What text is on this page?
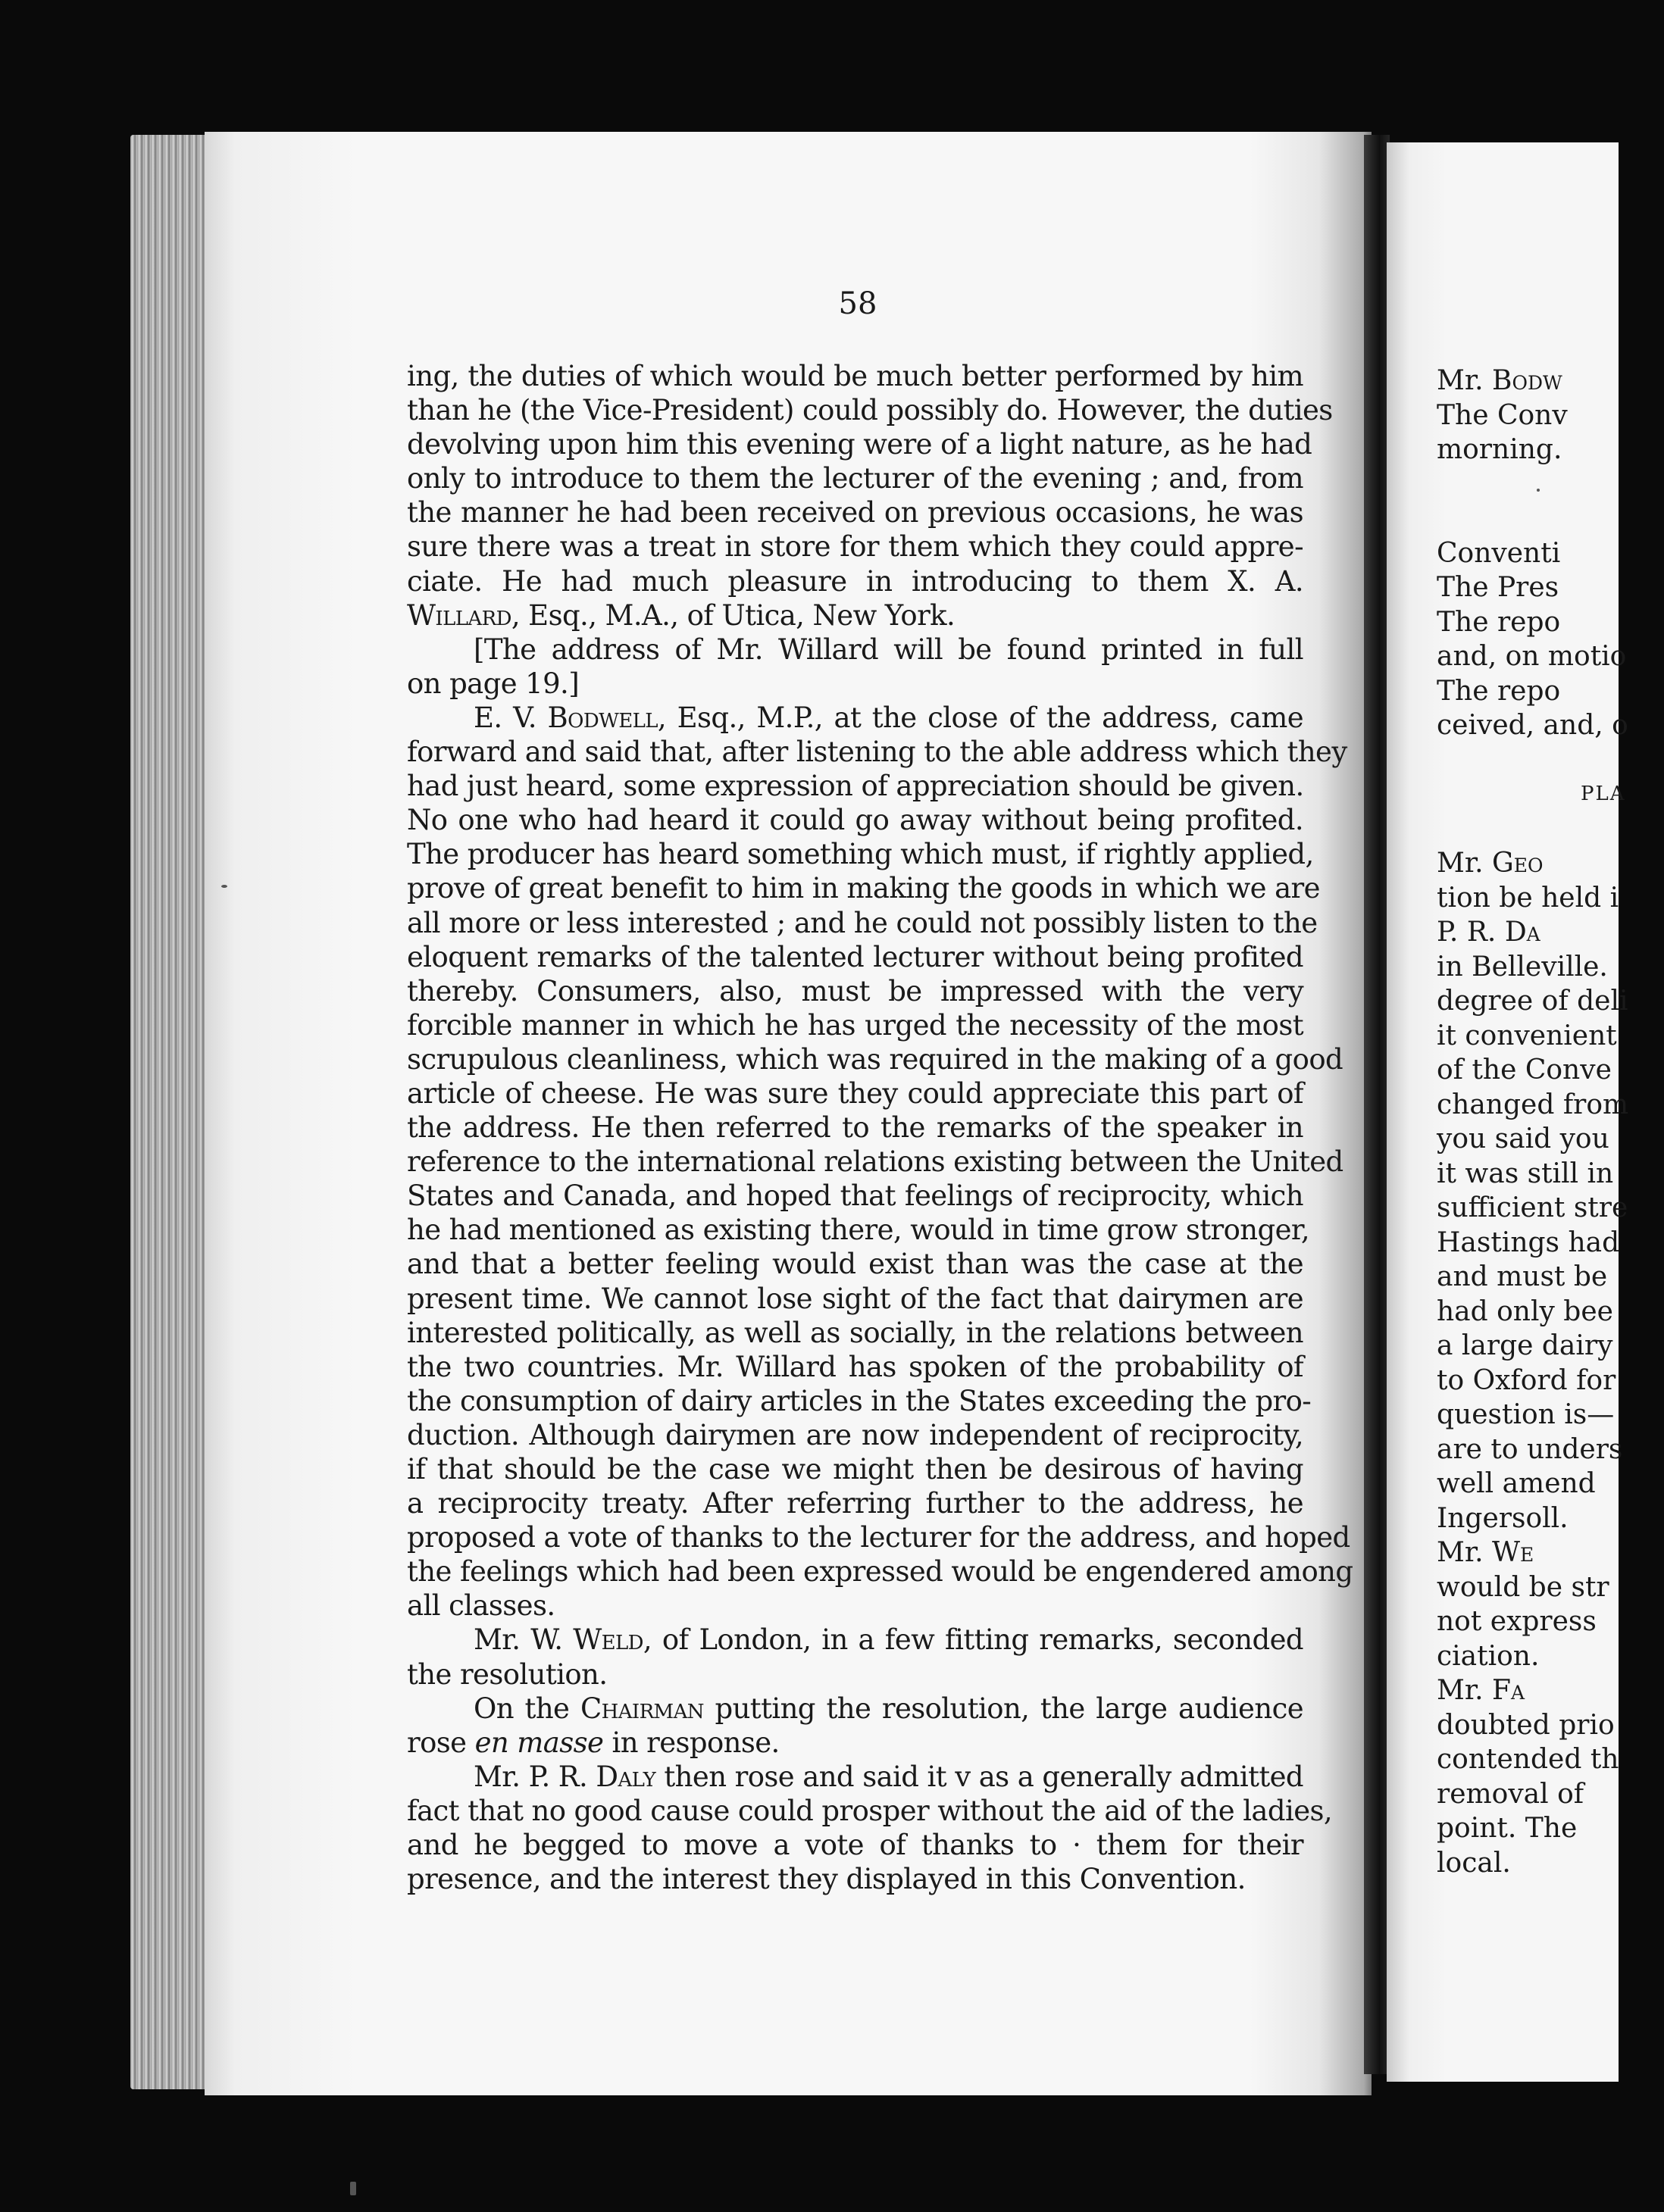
58
ing, the duties of which would be much better performed by him
than he (the Vice-President) could possibly do. However, the duties
devolving upon him this evening were of a light nature, as he had
only to introduce to them the lecturer of the evening ; and, from
the manner he had been received on previous occasions, he was
sure there was a treat in store for them which they could appre-
ciate. He had much pleasure in introducing to them X. A.
Willard, Esq., M.A., of Utica, New York.
[The address of Mr. Willard will be found printed in full
on page 19.]
E. V. Bodwell, Esq., M.P., at the close of the address, came
forward and said that, after listening to the able address which they
had just heard, some expression of appreciation should be given.
No one who had heard it could go away without being profited.
The producer has heard something which must, if rightly applied,
prove of great benefit to him in making the goods in which we are
all more or less interested ; and he could not possibly listen to the
eloquent remarks of the talented lecturer without being profited
thereby. Consumers, also, must be impressed with the very
forcible manner in which he has urged the necessity of the most
scrupulous cleanliness, which was required in the making of a good
article of cheese. He was sure they could appreciate this part of
the address. He then referred to the remarks of the speaker in
reference to the international relations existing between the United
States and Canada, and hoped that feelings of reciprocity, which
he had mentioned as existing there, would in time grow stronger,
and that a better feeling would exist than was the case at the
present time. We cannot lose sight of the fact that dairymen are
interested politically, as well as socially, in the relations between
the two countries. Mr. Willard has spoken of the probability of
the consumption of dairy articles in the States exceeding the pro-
duction. Although dairymen are now independent of reciprocity,
if that should be the case we might then be desirous of having
a reciprocity treaty. After referring further to the address, he
proposed a vote of thanks to the lecturer for the address, and hoped
the feelings which had been expressed would be engendered among
all classes.
Mr. W. Weld, of London, in a few fitting remarks, seconded
the resolution.
On the Chairman putting the resolution, the large audience
rose en masse in response.
Mr. P. R. Daly then rose and said it v as a generally admitted
fact that no good cause could prosper without the aid of the ladies,
and he begged to move a vote of thanks to · them for their
presence, and the interest they displayed in this Convention.
Mr. Bodw
The Conv
morning.
Conventi
The Pres
The repo
and, on motio
The repo
ceived, and, o
PLA
Mr. Geo
tion be held i
P. R. Da
in Belleville.
degree of deli
it convenient
of the Conve
changed from
you said you
it was still in
sufficient stre
Hastings had
and must be
had only bee
a large dairy
to Oxford for
question is—
are to unders
well amend
Ingersoll.
Mr. We
would be str
not express
ciation.
Mr. Fa
doubted prio
contended th
removal of
point. The
local.
